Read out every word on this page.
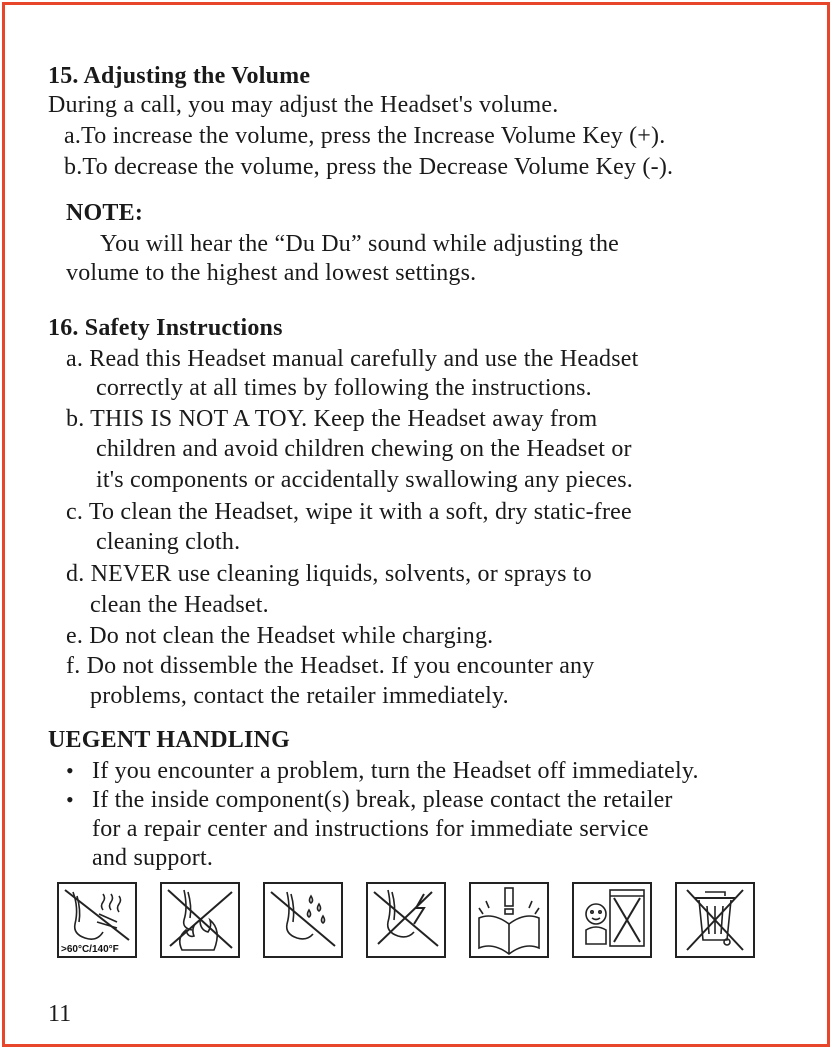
15. Adjusting the Volume
During a call, you may adjust the Headset's volume.
a.To increase the volume, press the Increase Volume Key (+).
b.To decrease the volume, press the Decrease Volume Key (-).
NOTE:
You will hear the “Du Du” sound while adjusting the
volume to the highest and lowest settings.
16. Safety Instructions
a. Read this Headset manual carefully and use the Headset
correctly at all times by following the instructions.
b. THIS IS NOT A TOY. Keep the Headset away from
children and avoid children chewing on the Headset or
it's components or accidentally swallowing any pieces.
c. To clean the Headset, wipe it with a soft, dry static-free
cleaning cloth.
d. NEVER use cleaning liquids, solvents, or sprays to
clean the Headset.
e. Do not clean the Headset while charging.
f. Do not dissemble the Headset. If you encounter any
problems, contact the retailer immediately.
UEGENT HANDLING
• If you encounter a problem, turn the Headset off immediately.
• If the inside component(s) break, please contact the retailer
for a repair center and instructions for immediate service
and support.
>60°C/140°F
11
